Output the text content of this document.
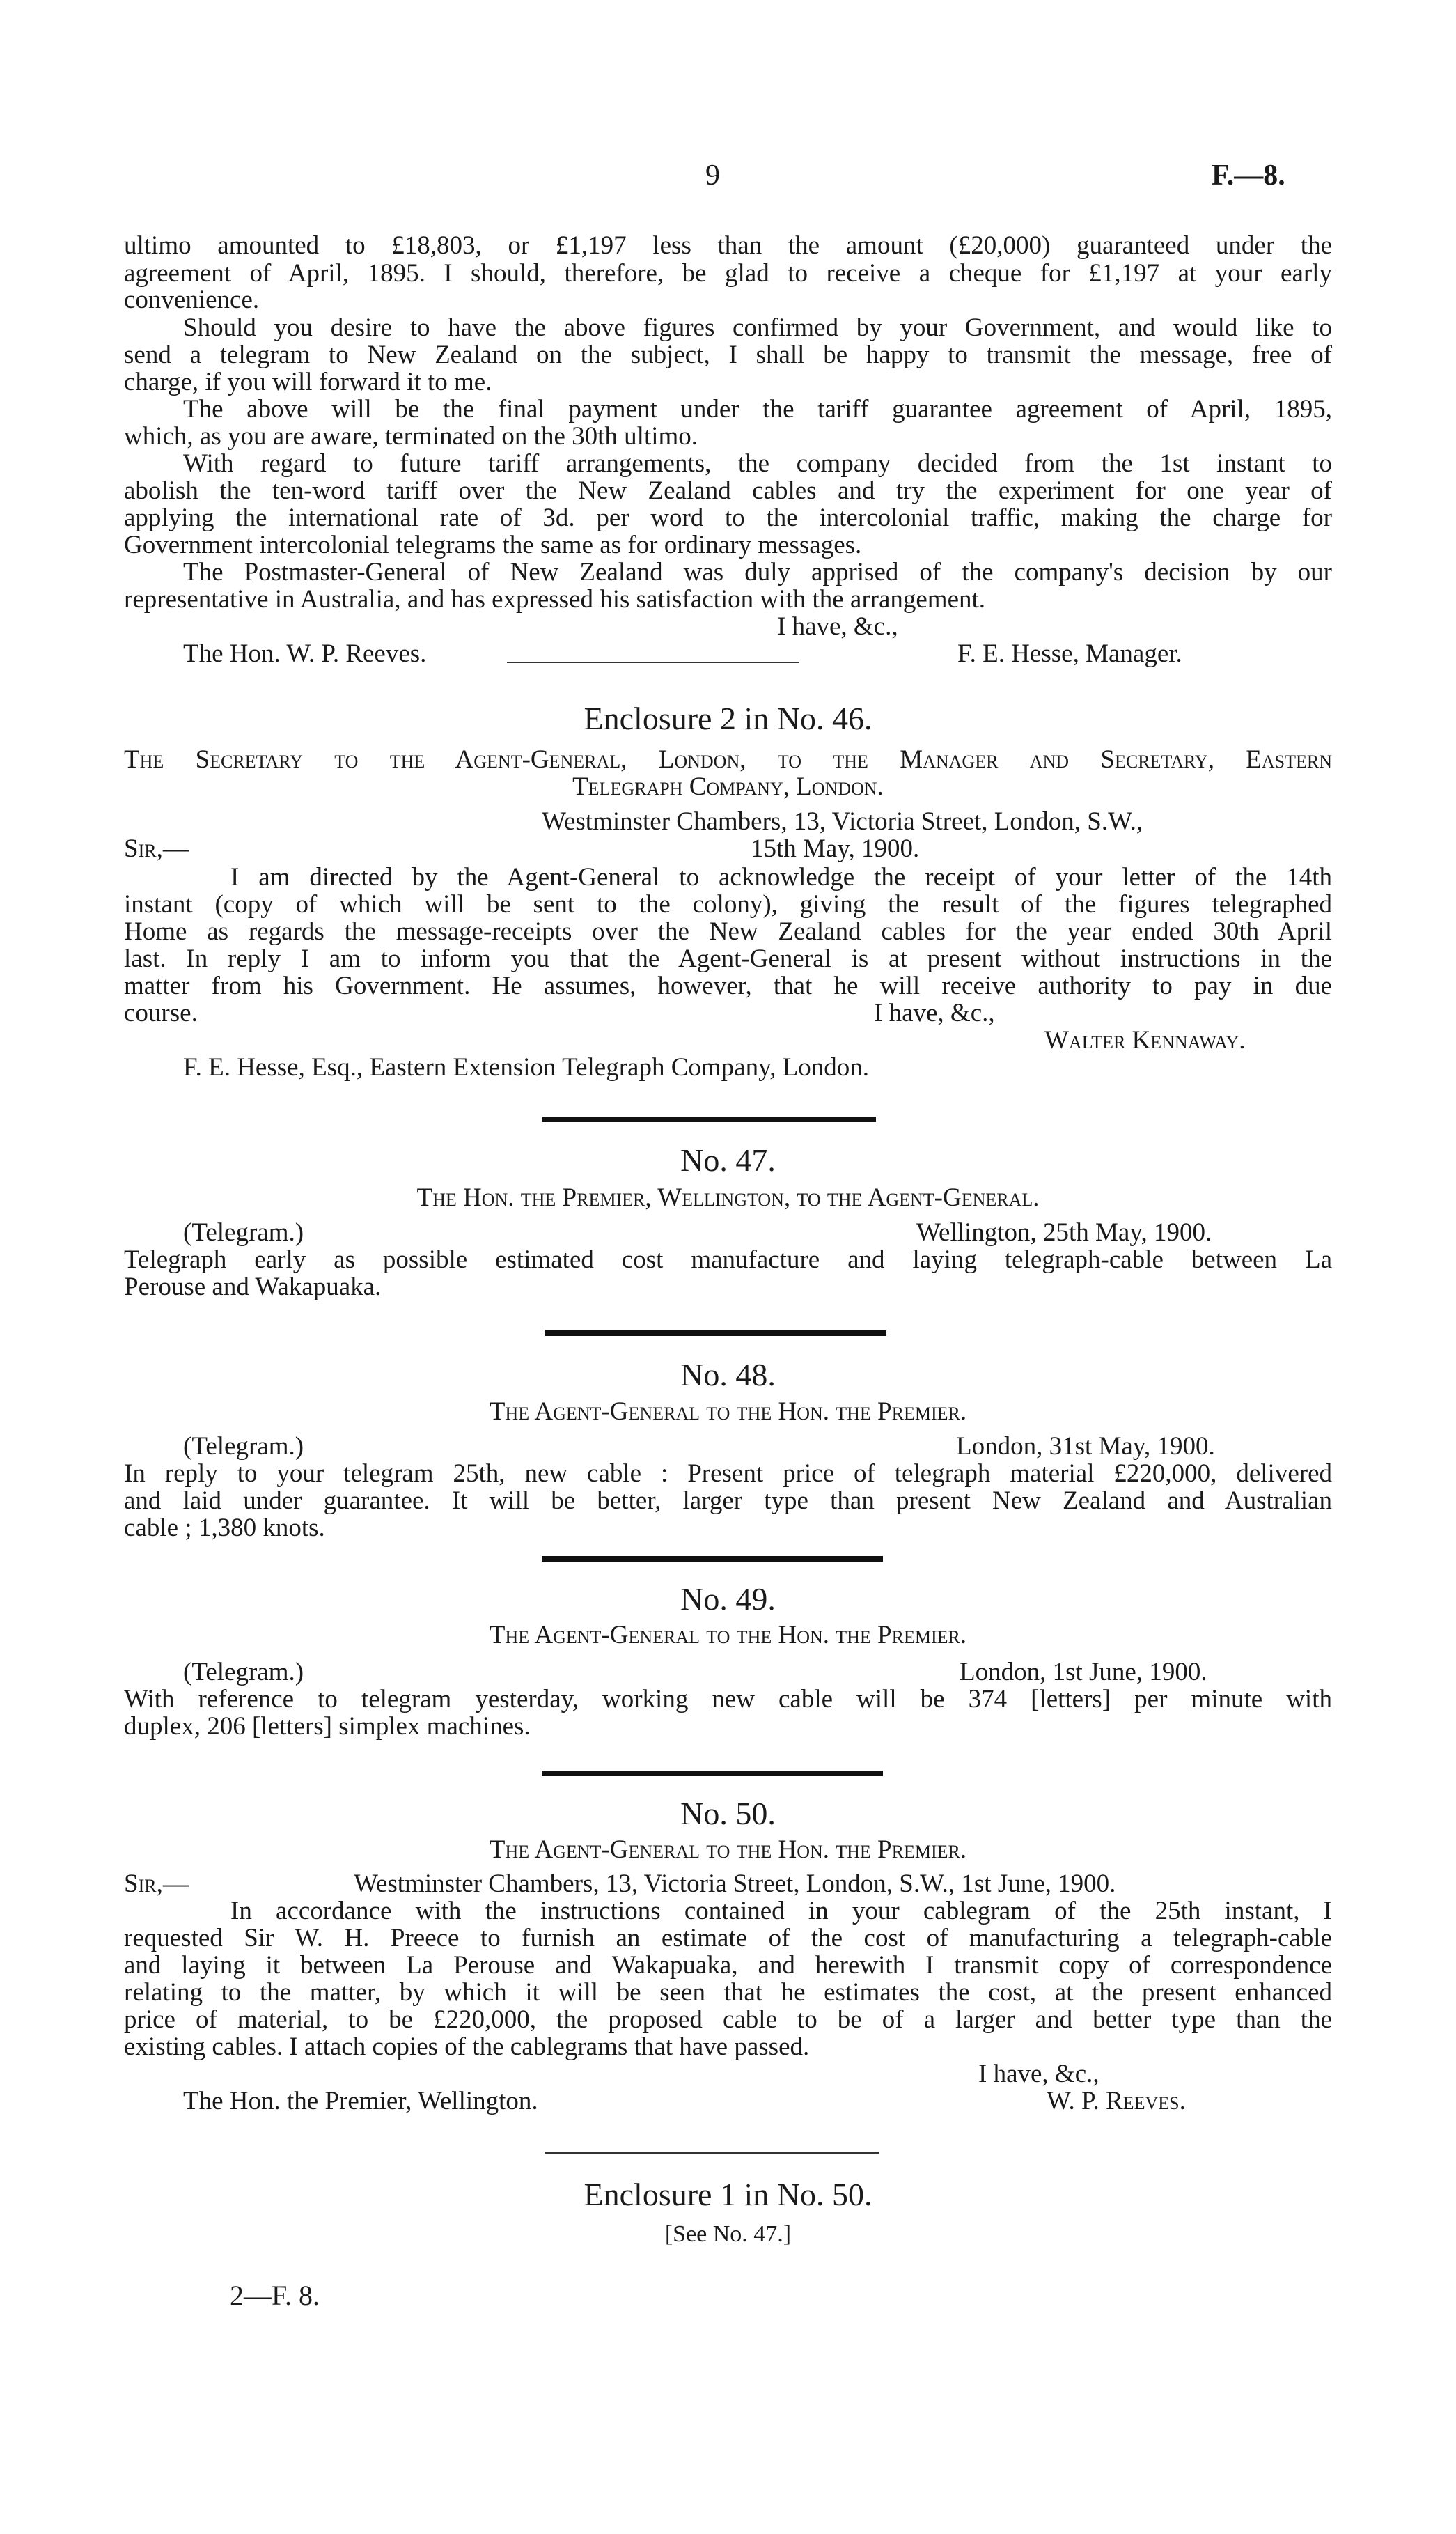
9	F.—8.
ultimo amounted to £18,803, or £1,197 less than the amount (£20,000) guaranteed under the
agreement of April, 1895. I should, therefore, be glad to receive a cheque for £1,197 at your early
convenience.
Should you desire to have the above figures confirmed by your Government, and would like to
send a telegram to New Zealand on the subject, I shall be happy to transmit the message, free of
charge, if you will forward it to me.
The above will be the final payment under the tariff guarantee agreement of April, 1895,
which, as you are aware, terminated on the 30th ultimo.
With regard to future tariff arrangements, the company decided from the 1st instant to
abolish the ten-word tariff over the New Zealand cables and try the experiment for one year of
applying the international rate of 3d. per word to the intercolonial traffic, making the charge for
Government intercolonial telegrams the same as for ordinary messages.
The Postmaster-General of New Zealand was duly apprised of the company's decision by our
representative in Australia, and has expressed his satisfaction with the arrangement.
I have, &c.,
The Hon. W. P. Reeves.	F. E. Hesse, Manager.
Enclosure 2 in No. 46.
The Secretary to the Agent-General, London, to the Manager and Secretary, Eastern
Telegraph Company, London.
Westminster Chambers, 13, Victoria Street, London, S.W.,
Sir,—	15th May, 1900.
I am directed by the Agent-General to acknowledge the receipt of your letter of the 14th
instant (copy of which will be sent to the colony), giving the result of the figures telegraphed
Home as regards the message-receipts over the New Zealand cables for the year ended 30th April
last. In reply I am to inform you that the Agent-General is at present without instructions in the
matter from his Government. He assumes, however, that he will receive authority to pay in due
course.	I have, &c.,
Walter Kennaway.
F. E. Hesse, Esq., Eastern Extension Telegraph Company, London.
No. 47.
The Hon. the Premier, Wellington, to the Agent-General.
(Telegram.)	Wellington, 25th May, 1900.
Telegraph early as possible estimated cost manufacture and laying telegraph-cable between La
Perouse and Wakapuaka.
No. 48.
The Agent-General to the Hon. the Premier.
(Telegram.)	London, 31st May, 1900.
In reply to your telegram 25th, new cable : Present price of telegraph material £220,000, delivered
and laid under guarantee. It will be better, larger type than present New Zealand and Australian
cable ; 1,380 knots.
No. 49.
The Agent-General to the Hon. the Premier.
(Telegram.)	London, 1st June, 1900.
With reference to telegram yesterday, working new cable will be 374 [letters] per minute with
duplex, 206 [letters] simplex machines.
No. 50.
The Agent-General to the Hon. the Premier.
Sir,—	Westminster Chambers, 13, Victoria Street, London, S.W., 1st June, 1900.
In accordance with the instructions contained in your cablegram of the 25th instant, I
requested Sir W. H. Preece to furnish an estimate of the cost of manufacturing a telegraph-cable
and laying it between La Perouse and Wakapuaka, and herewith I transmit copy of correspondence
relating to the matter, by which it will be seen that he estimates the cost, at the present enhanced
price of material, to be £220,000, the proposed cable to be of a larger and better type than the
existing cables. I attach copies of the cablegrams that have passed.
I have, &c.,
The Hon. the Premier, Wellington.	W. P. Reeves.
Enclosure 1 in No. 50.
[See No. 47.]
2—F. 8.
